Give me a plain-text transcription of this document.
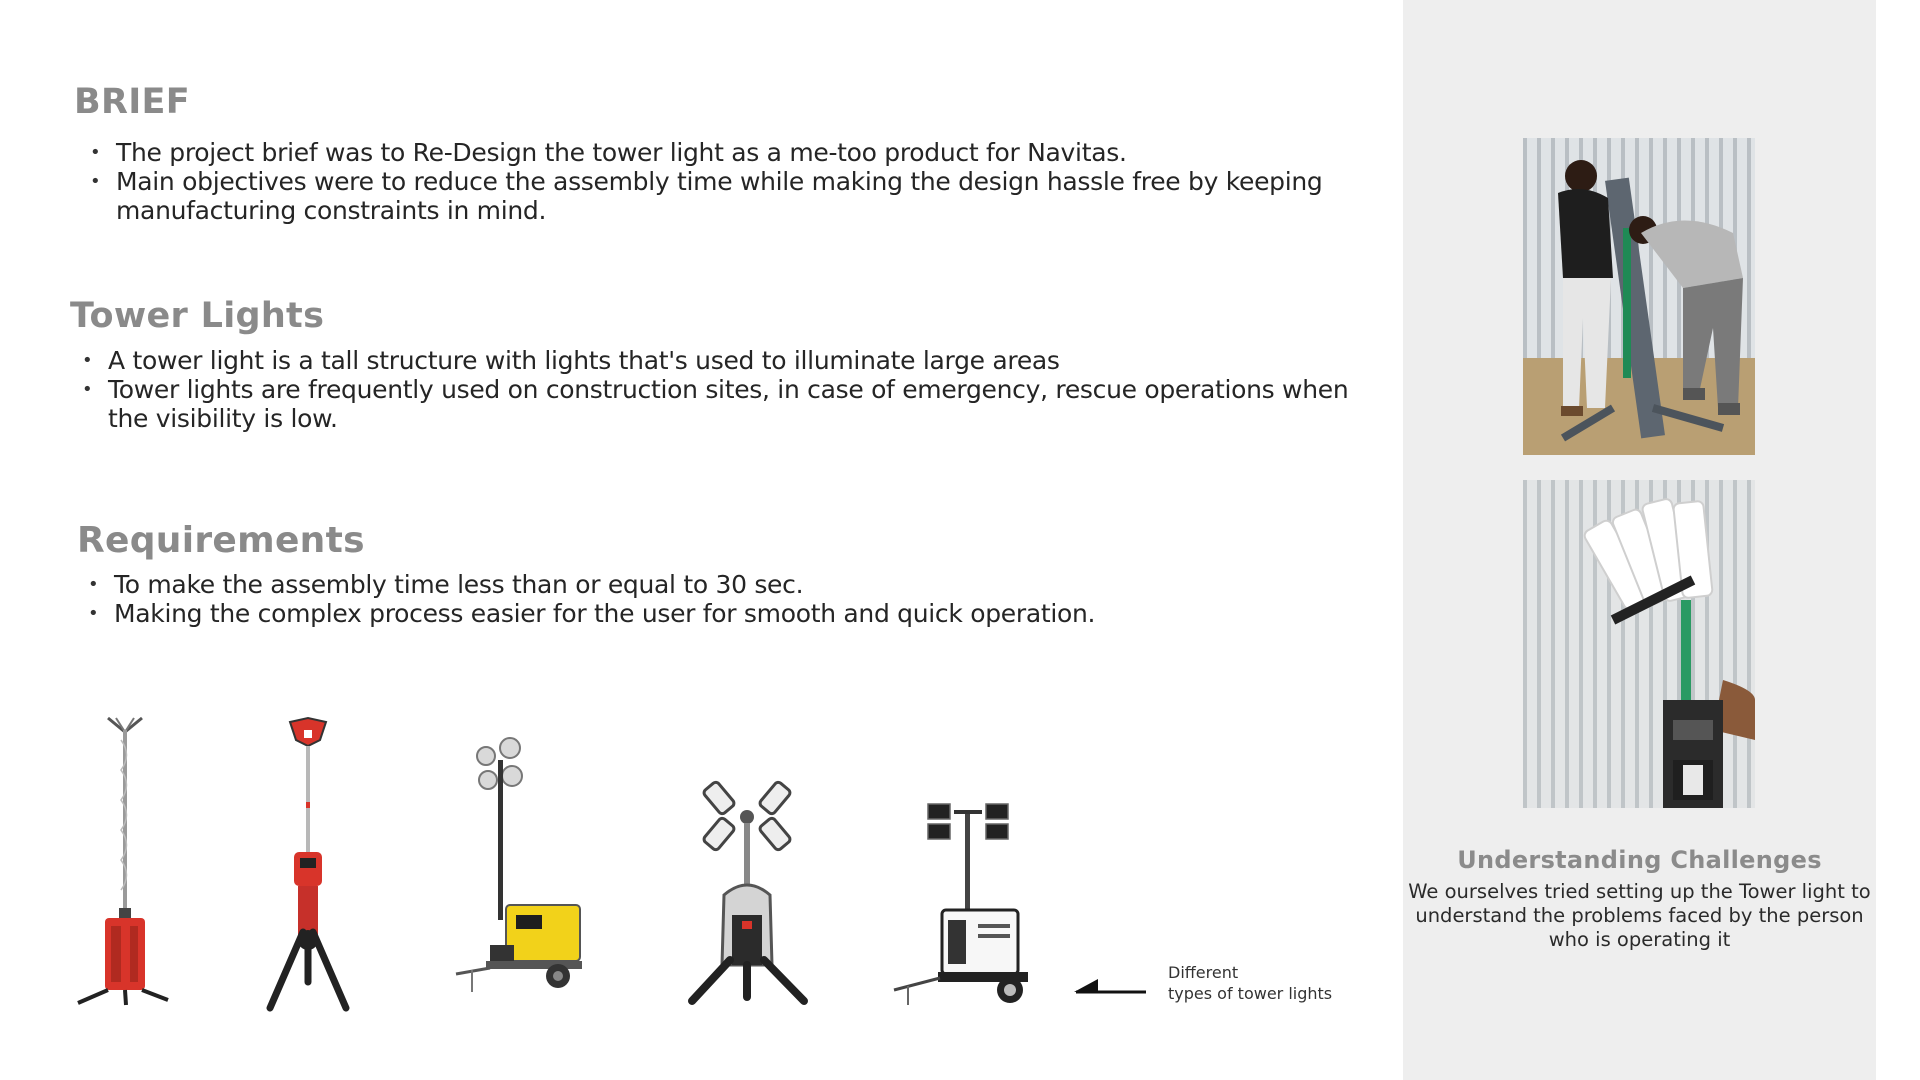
BRIEF
• The project brief was to Re-Design the tower light as a me-too product for Navitas.
• Main objectives were to reduce the assembly time while making the design hassle free by keeping manufacturing constraints in mind.
Tower Lights
• A tower light is a tall structure with lights that's used to illuminate large areas
• Tower lights are frequently used on construction sites, in case of emergency, rescue operations when the visibility is low.
Requirements
• To make the assembly time less than or equal to 30 sec.
• Making the complex process easier for the user for smooth and quick operation.
Different
types of tower lights
Understanding Challenges
We ourselves tried setting up the Tower light to understand the problems faced by the person who is operating it
